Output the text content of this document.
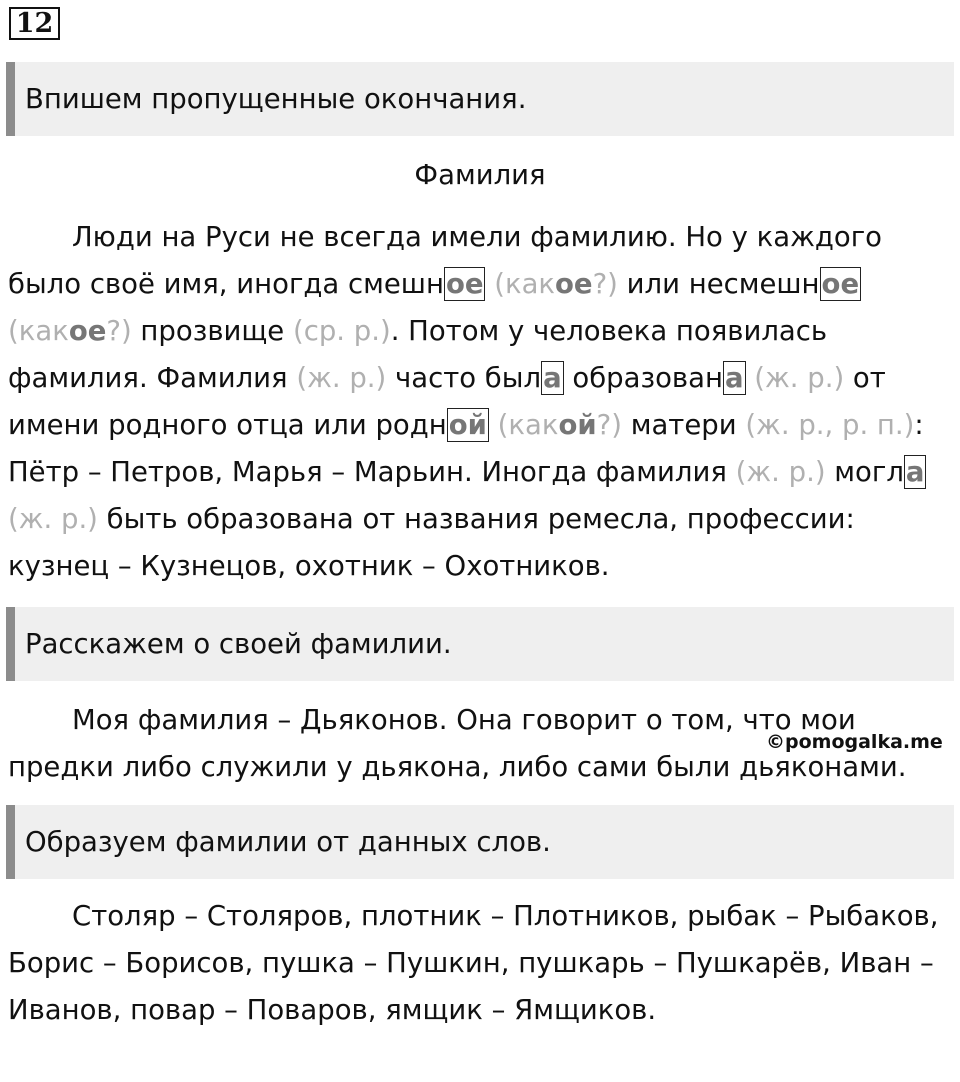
12
Впишем пропущенные окончания.
Фамилия

Люди на Руси не всегда имели фамилию. Но у каждого было своё имя, иногда смешное (какое?) или несмешное (какое?) прозвище (ср. р.). Потом у человека появилась фамилия. Фамилия (ж. р.) часто была образована (ж. р.) от имени родного отца или родной (какой?) матери (ж. р., р. п.): Пётр – Петров, Марья – Марьин. Иногда фамилия (ж. р.) могла (ж. р.) быть образована от названия ремесла, профессии: кузнец – Кузнецов, охотник – Охотников.

Расскажем о своей фамилии.

Моя фамилия – Дьяконов. Она говорит о том, что мои предки либо служили у дьякона, либо сами были дьяконами.

©pomogalka.me
Образуем фамилии от данных слов.

Столяр – Столяров, плотник – Плотников, рыбак – Рыбаков, Борис – Борисов, пушка – Пушкин, пушкарь – Пушкарёв, Иван – Иванов, повар – Поваров, ямщик – Ямщиков.
